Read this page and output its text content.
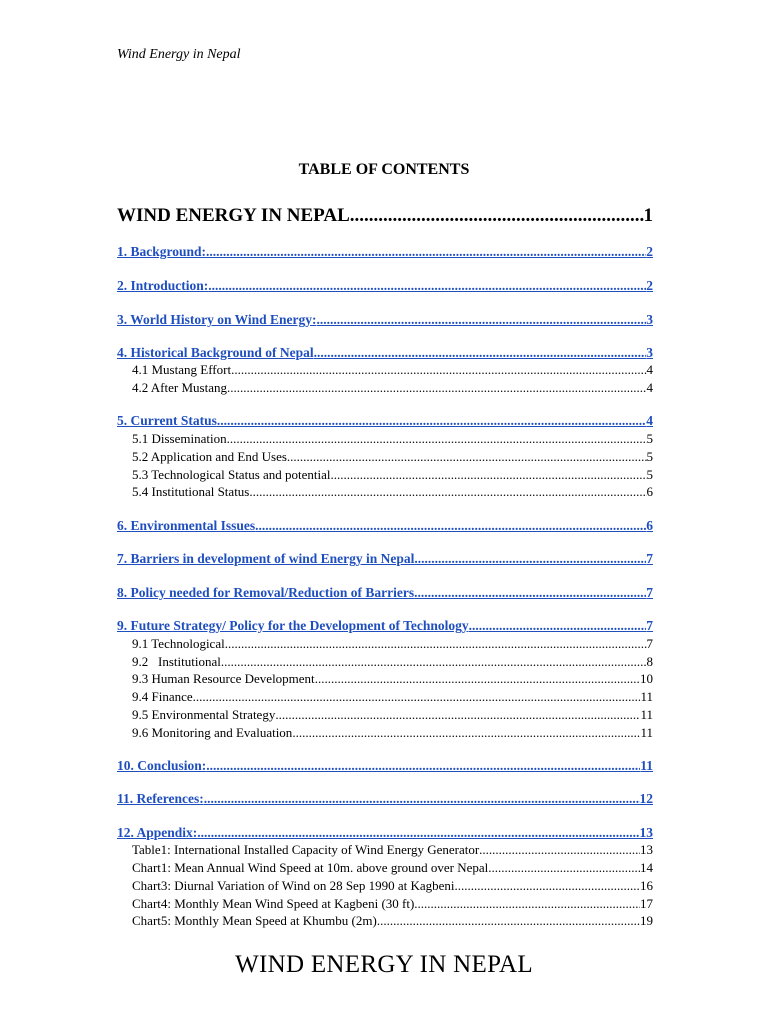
Wind Energy in Nepal
TABLE OF CONTENTS
WIND ENERGY IN NEPAL .....	1
1. Background: .....	2
2. Introduction: .....	2
3. World History on Wind Energy: .....	3
4. Historical Background of Nepal .....	3
4.1 Mustang Effort .....	4
4.2 After Mustang .....	4
5. Current Status .....	4
5.1 Dissemination .....	5
5.2 Application and End Uses .....	5
5.3 Technological Status and potential .....	5
5.4 Institutional Status .....	6
6. Environmental Issues .....	6
7. Barriers in development of wind Energy in Nepal .....	7
8. Policy needed for Removal/Reduction of Barriers .....	7
9. Future Strategy/ Policy for the Development of Technology .....	7
9.1 Technological .....	7
9.2   Institutional .....	8
9.3 Human Resource Development .....	10
9.4 Finance .....	11
9.5 Environmental Strategy .....	11
9.6 Monitoring and Evaluation .....	11
10. Conclusion: .....	11
11. References: .....	12
12. Appendix: .....	13
Table1: International Installed Capacity of Wind Energy Generator .....	13
Chart1: Mean Annual Wind Speed at 10m. above ground over Nepal .....	14
Chart3: Diurnal Variation of Wind on 28 Sep 1990 at Kagbeni .....	16
Chart4: Monthly Mean Wind Speed at Kagbeni (30 ft) .....	17
Chart5: Monthly Mean Speed at Khumbu (2m) .....	19
WIND ENERGY IN NEPAL
